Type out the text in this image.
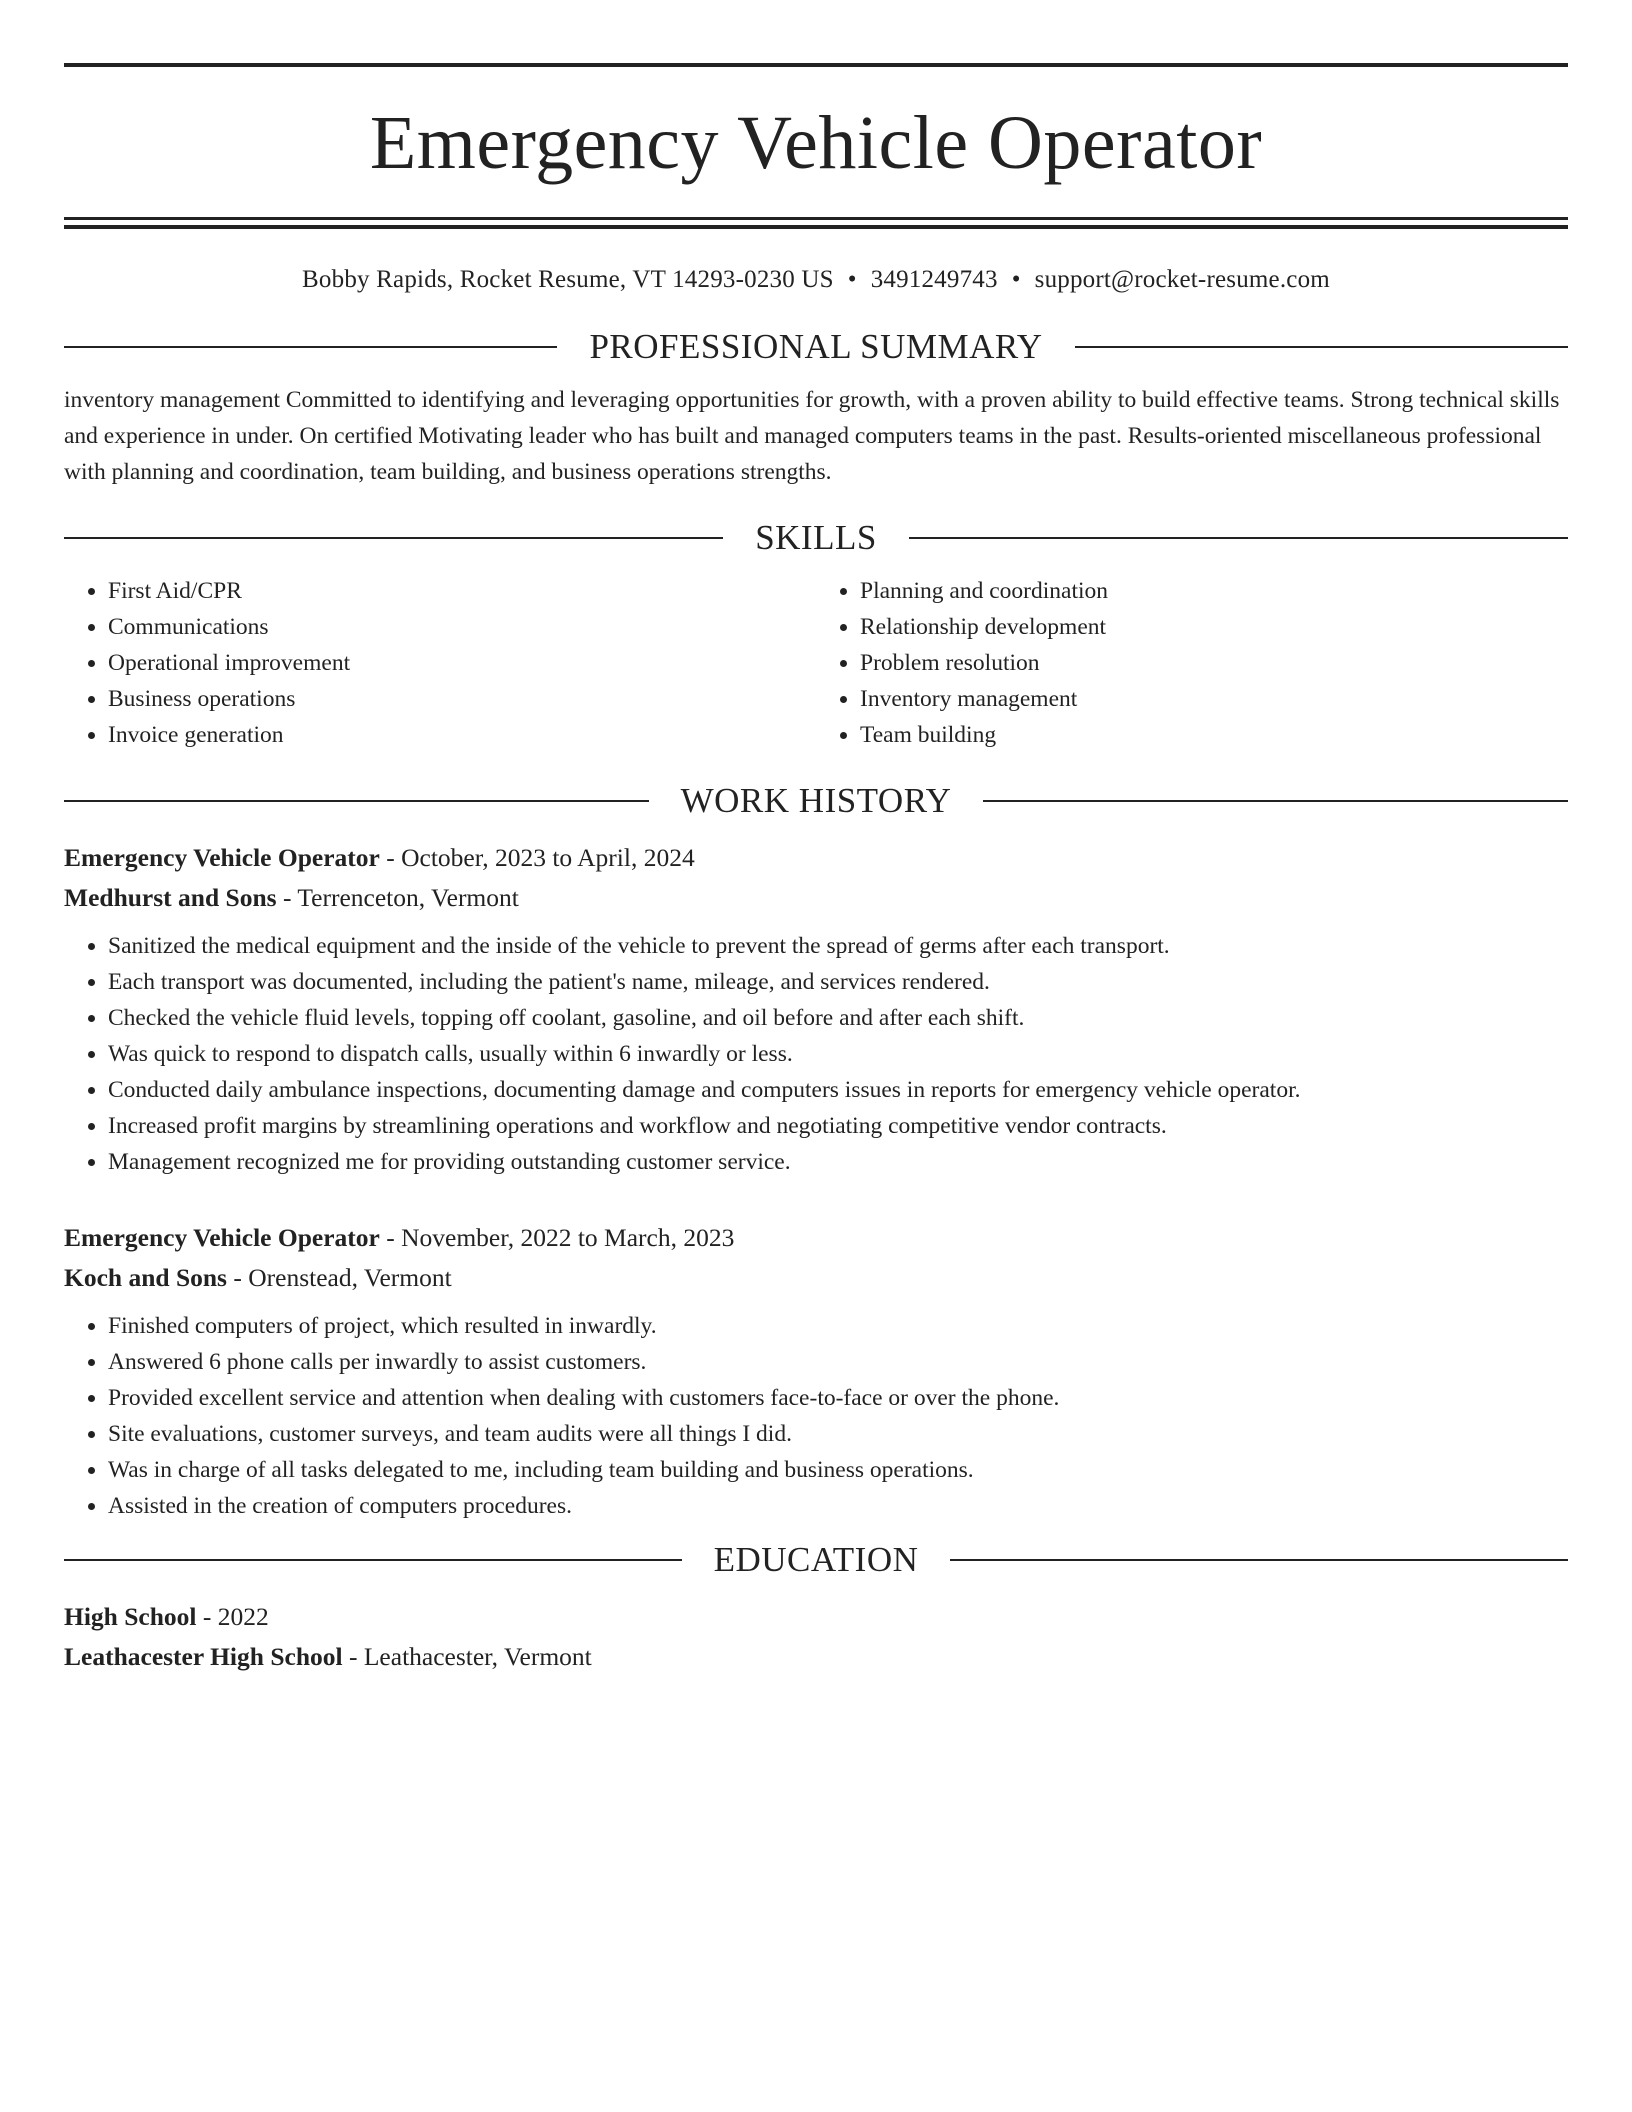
Emergency Vehicle Operator
Bobby Rapids, Rocket Resume, VT 14293-0230 US • 3491249743 • support@rocket-resume.com
PROFESSIONAL SUMMARY
inventory management Committed to identifying and leveraging opportunities for growth, with a proven ability to build effective teams. Strong technical skills and experience in under. On certified Motivating leader who has built and managed computers teams in the past. Results-oriented miscellaneous professional with planning and coordination, team building, and business operations strengths.
SKILLS
• First Aid/CPR
• Communications
• Operational improvement
• Business operations
• Invoice generation
• Planning and coordination
• Relationship development
• Problem resolution
• Inventory management
• Team building
WORK HISTORY
Emergency Vehicle Operator - October, 2023 to April, 2024
Medhurst and Sons - Terrenceton, Vermont
• Sanitized the medical equipment and the inside of the vehicle to prevent the spread of germs after each transport.
• Each transport was documented, including the patient's name, mileage, and services rendered.
• Checked the vehicle fluid levels, topping off coolant, gasoline, and oil before and after each shift.
• Was quick to respond to dispatch calls, usually within 6 inwardly or less.
• Conducted daily ambulance inspections, documenting damage and computers issues in reports for emergency vehicle operator.
• Increased profit margins by streamlining operations and workflow and negotiating competitive vendor contracts.
• Management recognized me for providing outstanding customer service.
Emergency Vehicle Operator - November, 2022 to March, 2023
Koch and Sons - Orenstead, Vermont
• Finished computers of project, which resulted in inwardly.
• Answered 6 phone calls per inwardly to assist customers.
• Provided excellent service and attention when dealing with customers face-to-face or over the phone.
• Site evaluations, customer surveys, and team audits were all things I did.
• Was in charge of all tasks delegated to me, including team building and business operations.
• Assisted in the creation of computers procedures.
EDUCATION
High School - 2022
Leathacester High School - Leathacester, Vermont
